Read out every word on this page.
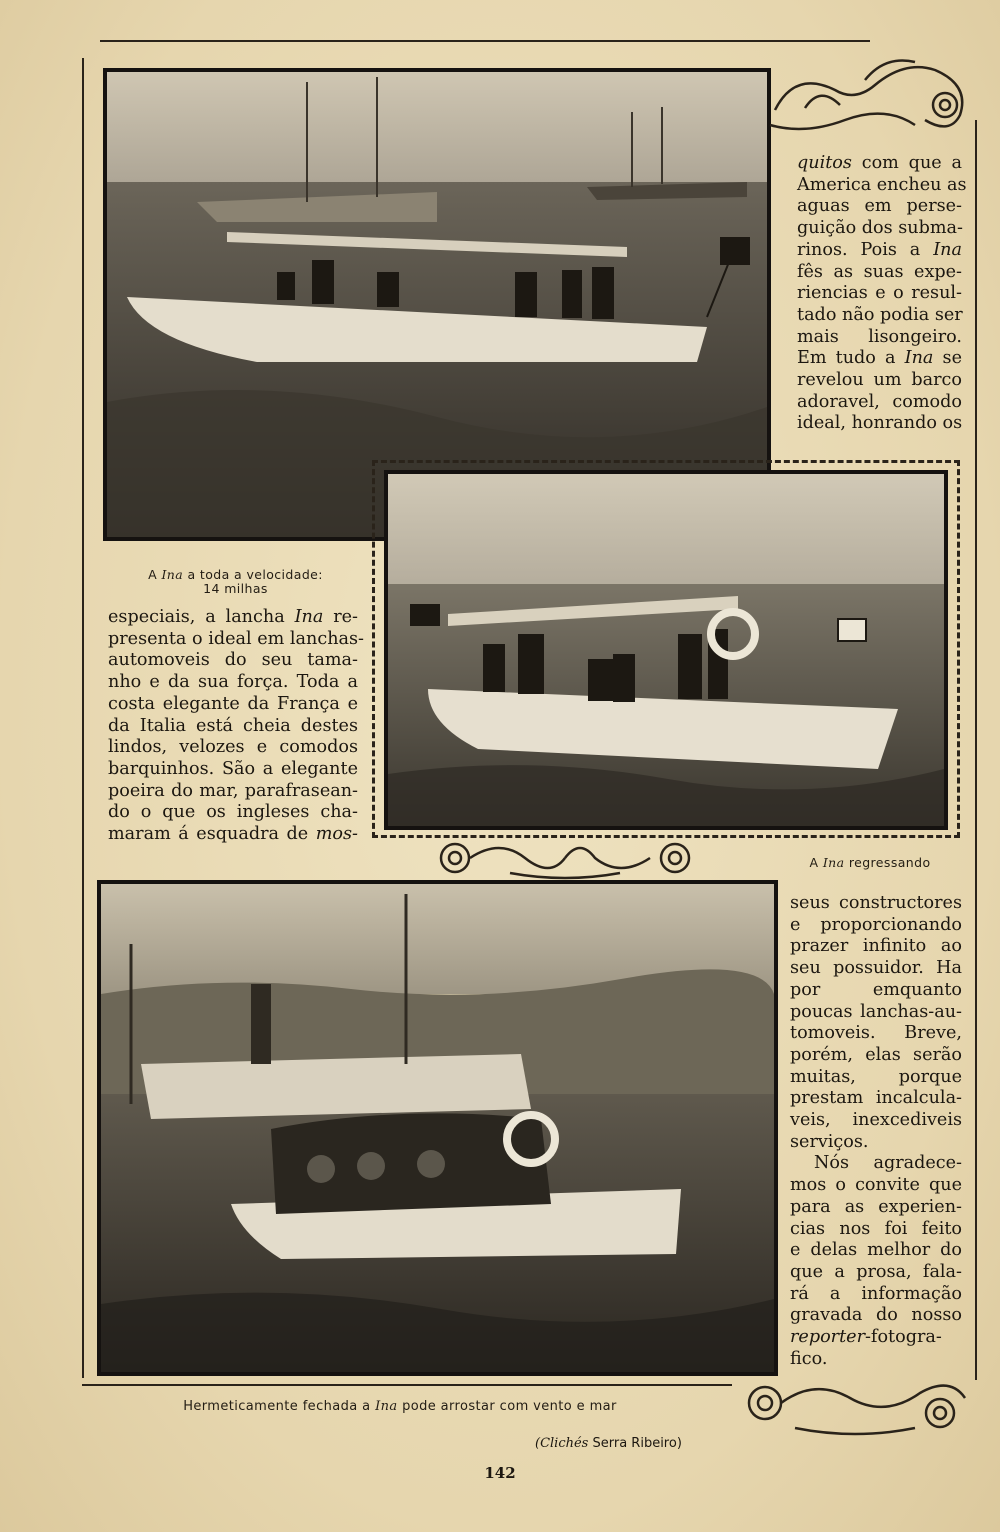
quitos com que a
America encheu as
aguas em perse-
guição dos subma-
rinos. Pois a Ina
fês as suas expe-
riencias e o resul-
tado não podia ser
mais lisongeiro.
Em tudo a Ina se
revelou um barco
adoravel, comodo
ideal, honrando os
A Ina a toda a velocidade:
14 milhas
especiais, a lancha Ina re-
presenta o ideal em lanchas-
automoveis do seu tama-
nho e da sua força. Toda a
costa elegante da França e
da Italia está cheia destes
lindos, velozes e comodos
barquinhos. São a elegante
poeira do mar, parafrasean-
do o que os ingleses cha-
maram á esquadra de mos-
A Ina regressando
seus constructores
e proporcionando
prazer infinito ao
seu possuidor. Ha
por emquanto
poucas lanchas-au-
tomoveis. Breve,
porém, elas serão
muitas, porque
prestam incalcula-
veis, inexcediveis
serviços.
Nós agradece-
mos o convite que
para as experien-
cias nos foi feito
e delas melhor do
que a prosa, fala-
rá a informação
gravada do nosso
reporter-fotogra-
fico.
Hermeticamente fechada a Ina pode arrostar com vento e mar
(Clichés Serra Ribeiro)
142
